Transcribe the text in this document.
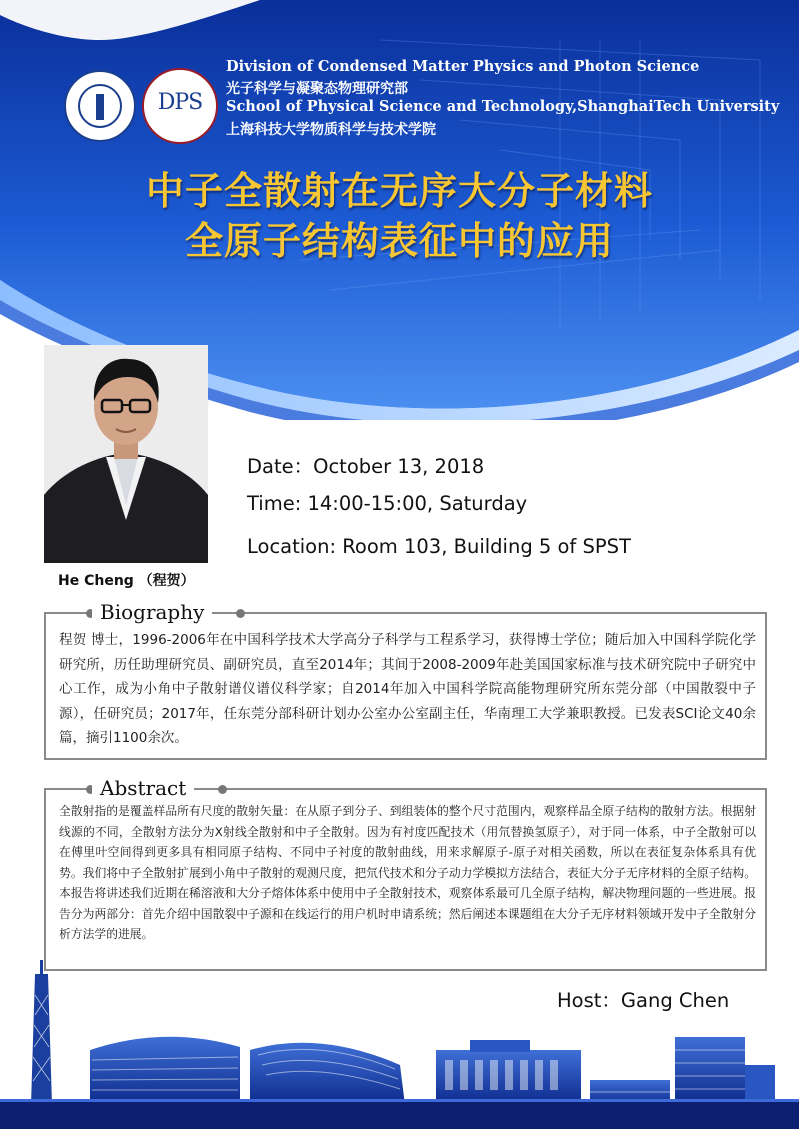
DPS
Division of Condensed Matter Physics and Photon Science
光子科学与凝聚态物理研究部
School of Physical Science and Technology,ShanghaiTech University
上海科技大学物质科学与技术学院
中子全散射在无序大分子材料
全原子结构表征中的应用
He Cheng （程贺）
Date：October 13, 2018
Time: 14:00-15:00, Saturday
Location: Room 103, Building 5 of SPST
Biography
程贺 博士，1996-2006年在中国科学技术大学高分子科学与工程系学习，获得博士学位；随后加入中国科学院化学研究所，历任助理研究员、副研究员，直至2014年；其间于2008-2009年赴美国国家标准与技术研究院中子研究中心工作，成为小角中子散射谱仪谱仪科学家；自2014年加入中国科学院高能物理研究所东莞分部（中国散裂中子源），任研究员；2017年，任东莞分部科研计划办公室办公室副主任，华南理工大学兼职教授。已发表SCI论文40余篇，摘引1100余次。
Abstract
全散射指的是覆盖样品所有尺度的散射矢量：在从原子到分子、到组装体的整个尺寸范围内，观察样品全原子结构的散射方法。根据射线源的不同，全散射方法分为X射线全散射和中子全散射。因为有衬度匹配技术（用氘替换氢原子），对于同一体系，中子全散射可以在傅里叶空间得到更多具有相同原子结构、不同中子衬度的散射曲线，用来求解原子-原子对相关函数，所以在表征复杂体系具有优势。我们将中子全散射扩展到小角中子散射的观测尺度，把氘代技术和分子动力学模拟方法结合，表征大分子无序材料的全原子结构。本报告将讲述我们近期在稀溶液和大分子熔体体系中使用中子全散射技术，观察体系最可几全原子结构，解决物理问题的一些进展。报告分为两部分：首先介绍中国散裂中子源和在线运行的用户机时申请系统；然后阐述本课题组在大分子无序材料领域开发中子全散射分析方法学的进展。
Host：Gang Chen
